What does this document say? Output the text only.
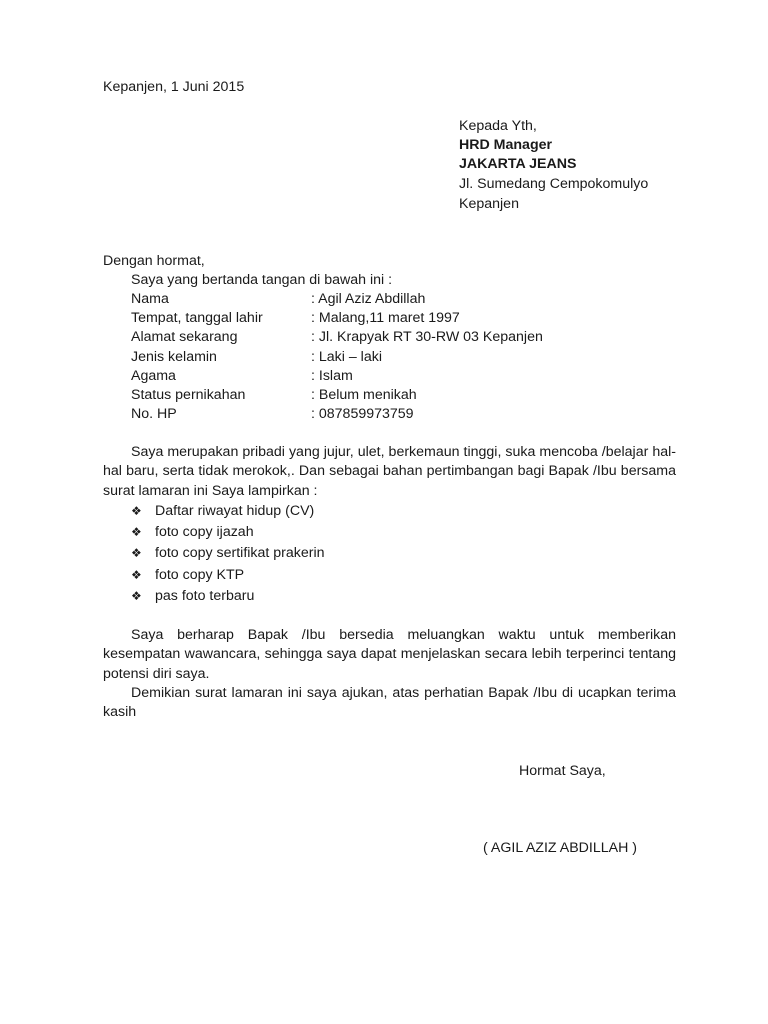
Kepanjen, 1 Juni 2015
Kepada Yth,
HRD Manager
JAKARTA JEANS
Jl. Sumedang Cempokomulyo
Kepanjen
Dengan hormat,
Saya yang bertanda tangan di bawah ini :
Nama	: Agil Aziz Abdillah
Tempat, tanggal lahir	: Malang,11 maret 1997
Alamat sekarang	: Jl. Krapyak RT 30-RW 03 Kepanjen
Jenis kelamin	: Laki – laki
Agama	: Islam
Status pernikahan	: Belum menikah
No. HP	: 087859973759
Saya merupakan pribadi yang jujur, ulet, berkemaun tinggi, suka mencoba /belajar hal-hal baru, serta tidak merokok,. Dan sebagai bahan pertimbangan bagi Bapak /Ibu bersama surat lamaran ini Saya lampirkan :
❖ Daftar riwayat hidup (CV)
❖ foto copy ijazah
❖ foto copy sertifikat prakerin
❖ foto copy KTP
❖ pas foto terbaru
Saya berharap Bapak /Ibu bersedia meluangkan waktu untuk memberikan kesempatan wawancara, sehingga saya dapat menjelaskan secara lebih terperinci tentang potensi diri saya.
Demikian surat lamaran ini saya ajukan, atas perhatian Bapak /Ibu di ucapkan terima kasih
Hormat Saya,
( AGIL AZIZ ABDILLAH )
